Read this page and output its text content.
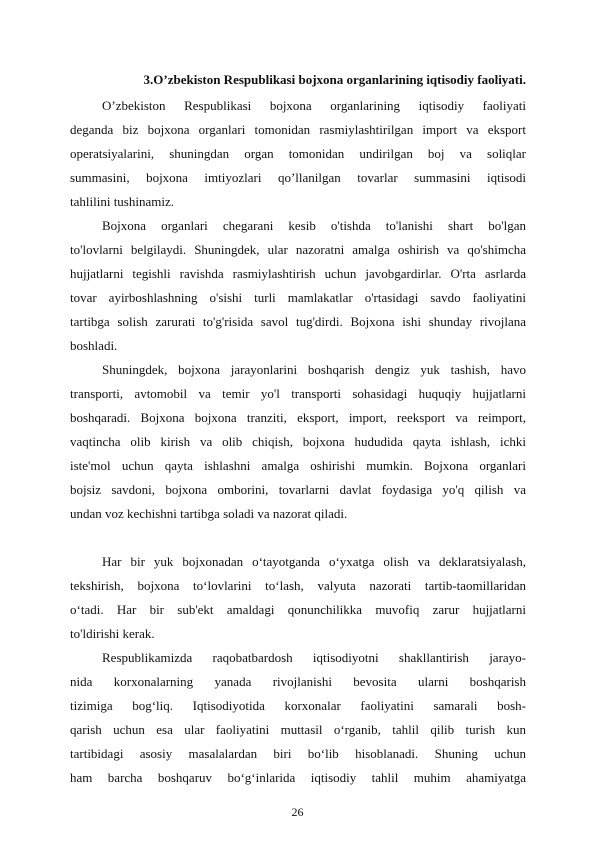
3.O’zbekiston Respublikasi bojxona organlarining iqtisodiy faoliyati.
O’zbekiston Respublikasi bojxona organlarining iqtisodiy faoliyati
deganda biz bojxona organlari tomonidan rasmiylashtirilgan import va eksport
operatsiyalarini, shuningdan organ tomonidan undirilgan boj va soliqlar
summasini, bojxona imtiyozlari qo’llanilgan tovarlar summasini iqtisodi
tahlilini tushinamiz.
Bojxona organlari chegarani kesib o'tishda to'lanishi shart bo'lgan
to'lovlarni belgilaydi. Shuningdek, ular nazoratni amalga oshirish va qo'shimcha
hujjatlarni tegishli ravishda rasmiylashtirish uchun javobgardirlar. O'rta asrlarda
tovar ayirboshlashning o'sishi turli mamlakatlar o'rtasidagi savdo faoliyatini
tartibga solish zarurati to'g'risida savol tug'dirdi. Bojxona ishi shunday rivojlana
boshladi.
Shuningdek, bojxona jarayonlarini boshqarish dengiz yuk tashish, havo
transporti, avtomobil va temir yo'l transporti sohasidagi huquqiy hujjatlarni
boshqaradi. Bojxona bojxona tranziti, eksport, import, reeksport va reimport,
vaqtincha olib kirish va olib chiqish, bojxona hududida qayta ishlash, ichki
iste'mol uchun qayta ishlashni amalga oshirishi mumkin. Bojxona organlari
bojsiz savdoni, bojxona omborini, tovarlarni davlat foydasiga yo'q qilish va
undan voz kechishni tartibga soladi va nazorat qiladi.
Har bir yuk bojxonadan o‘tayotganda o‘yxatga olish va deklaratsiyalash,
tekshirish, bojxona to‘lovlarini to‘lash, valyuta nazorati tartib-taomillaridan
o‘tadi. Har bir sub'ekt amaldagi qonunchilikka muvofiq zarur hujjatlarni
to'ldirishi kerak.
Respublikamizda raqobatbardosh iqtisodiyotni shakllantirish jarayo-
nida korxonalarning yanada rivojlanishi bevosita ularni boshqarish
tizimiga bog‘liq. Iqtisodiyotida korxonalar faoliyatini samarali bosh-
qarish uchun esa ular faoliyatini muttasil o‘rganib, tahlil qilib turish kun
tartibidagi asosiy masalalardan biri bo‘lib hisoblanadi. Shuning uchun
ham barcha boshqaruv bo‘g‘inlarida iqtisodiy tahlil muhim ahamiyatga
26
